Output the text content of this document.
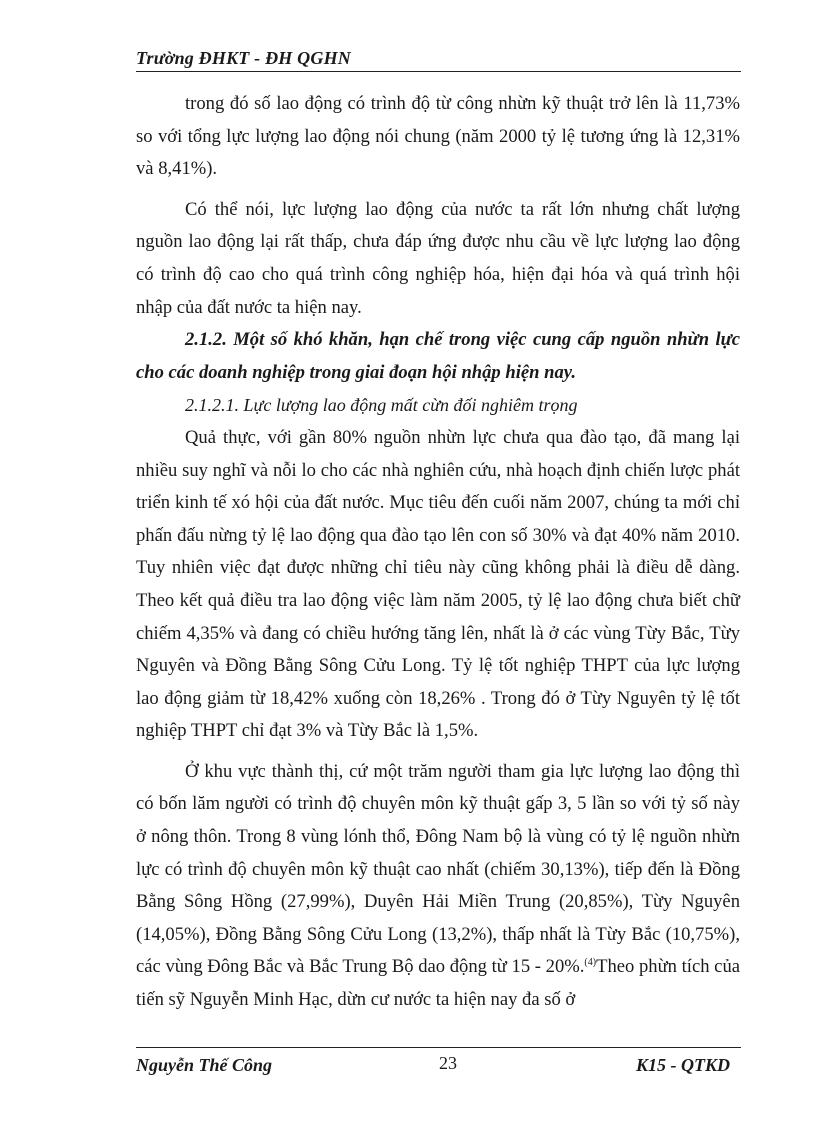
Trường ĐHKT - ĐH QGHN

trong đó số lao động có trình độ từ công nhừn kỹ thuật trở lên là 11,73% so với tổng lực lượng lao động nói chung (năm 2000 tỷ lệ tương ứng là 12,31% và 8,41%).

Có thể nói, lực lượng lao động của nước ta rất lớn nhưng chất lượng nguồn lao động lại rất thấp, chưa đáp ứng được nhu cầu về lực lượng lao động có trình độ cao cho quá trình công nghiệp hóa, hiện đại hóa và quá trình hội nhập của đất nước ta hiện nay.

2.1.2. Một số khó khăn, hạn chế trong việc cung cấp nguồn nhừn lực cho các doanh nghiệp trong giai đoạn hội nhập hiện nay.

2.1.2.1. Lực lượng lao động mất cừn đối nghiêm trọng

Quả thực, với gần 80% nguồn nhừn lực chưa qua đào tạo, đã mang lại nhiều suy nghĩ và nỗi lo cho các nhà nghiên cứu, nhà hoạch định chiến lược phát triển kinh tế xó hội của đất nước. Mục tiêu đến cuối năm 2007, chúng ta mới chỉ phấn đấu nừng tỷ lệ lao động qua đào tạo lên con số 30% và đạt 40% năm 2010. Tuy nhiên việc đạt được những chỉ tiêu này cũng không phải là điều dễ dàng. Theo kết quả điều tra lao động việc làm năm 2005, tỷ lệ lao động chưa biết chữ chiếm 4,35% và đang có chiều hướng tăng lên, nhất là ở các vùng Từy Bắc, Từy Nguyên và Đồng Bằng Sông Cửu Long. Tỷ lệ tốt nghiệp THPT của lực lượng lao động giảm từ 18,42% xuống còn 18,26% . Trong đó ở Từy Nguyên tỷ lệ tốt nghiệp THPT chỉ đạt 3% và Từy Bắc là 1,5%.

Ở khu vực thành thị, cứ một trăm người tham gia lực lượng lao động thì có bốn lăm người có trình độ chuyên môn kỹ thuật gấp 3, 5 lần so với tỷ số này ở nông thôn. Trong 8 vùng lónh thổ, Đông Nam bộ là vùng có tỷ lệ nguồn nhừn lực có trình độ chuyên môn kỹ thuật cao nhất (chiếm 30,13%), tiếp đến là Đồng Bằng Sông Hồng (27,99%), Duyên Hải Miền Trung (20,85%), Từy Nguyên (14,05%), Đồng Bằng Sông Cửu Long (13,2%), thấp nhất là Từy Bắc (10,75%), các vùng Đông Bắc và Bắc Trung Bộ dao động từ 15 - 20%.$^{(4)}$Theo phừn tích của tiến sỹ Nguyễn Minh Hạc, dừn cư nước ta hiện nay đa số ở

Nguyễn Thế Công	23	K15 - QTKD
